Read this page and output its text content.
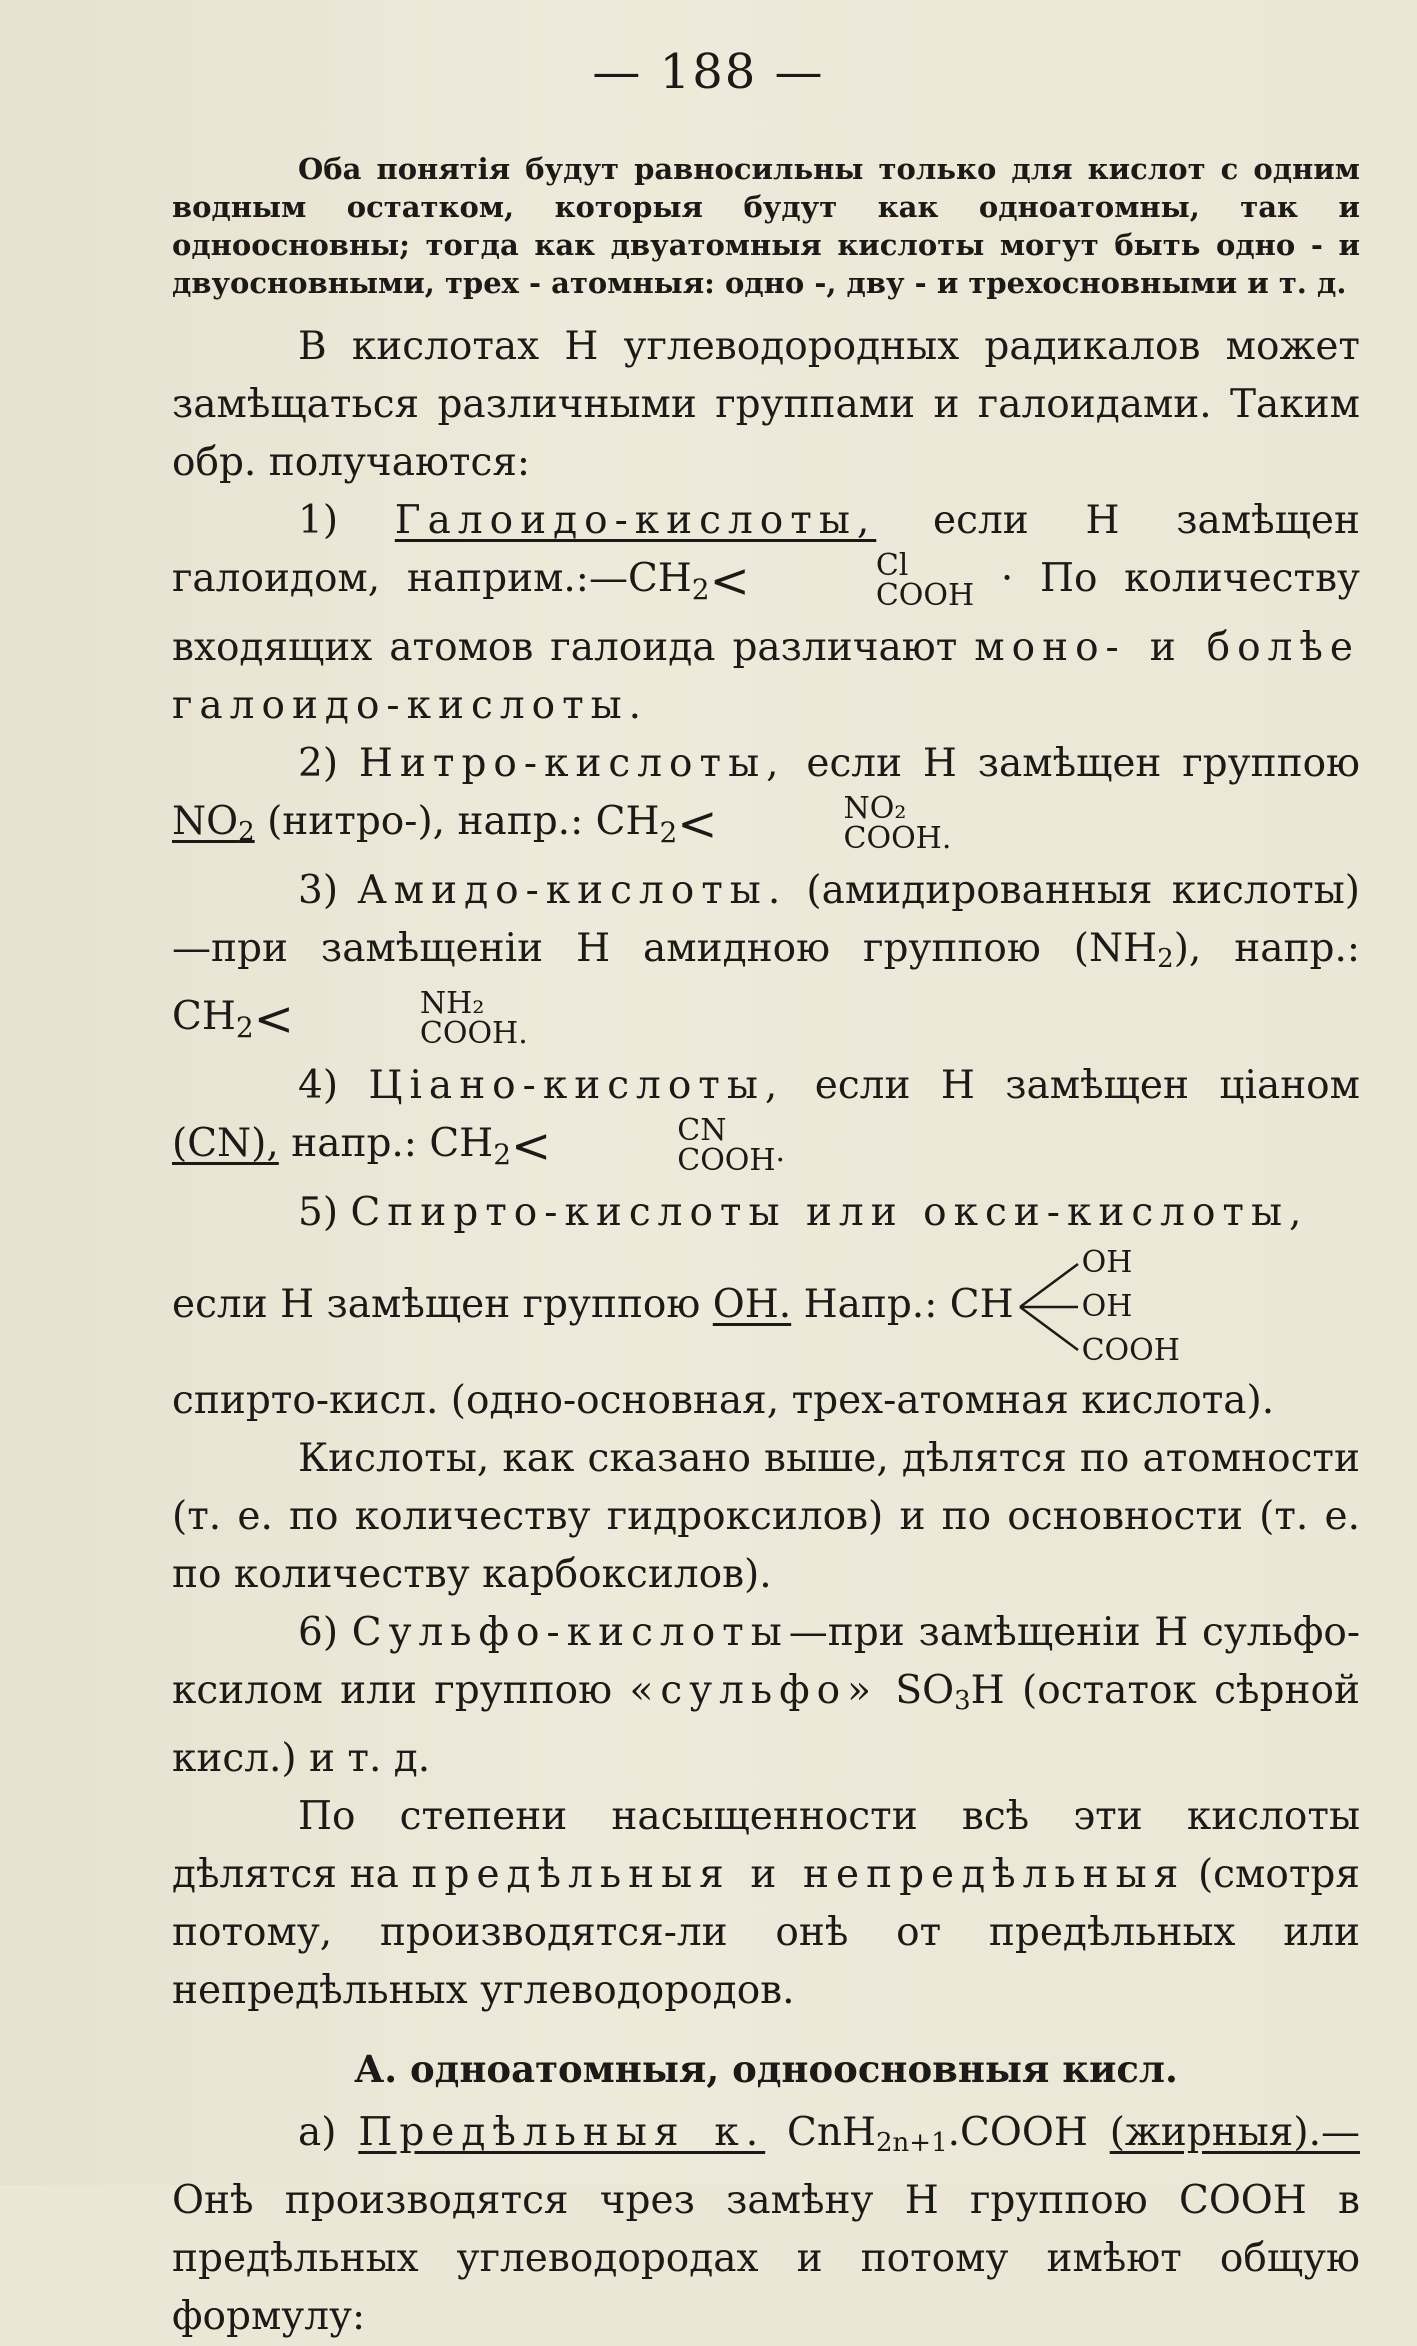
— 188 —

Оба понятія будут равносильны только для кислот с одним водным остатком, которыя будут как одноатомны, так и одноосновны; тогда как двуатомныя кислоты могут быть одно - и двуосновными, трех - атомныя: одно -, дву - и трехосновными и т. д.

В кислотах Н углеводородных радикалов может замѣщаться различными группами и галоидами. Таким обр. получаются:

1) Галоидо-кислоты, если Н замѣщен галоидом, $наприм.:—CH_2<$	Cl
COOH · По количеству входящих атомов галоида различают моно- и болѣе галоидо-кислоты.

2) Нитро-кислоты, если Н замѣщен группою $NO_2$ (нитро-), напр.: $CH_2<$	NO₂
COOH.

3) Амидо-кислоты. (амидированныя кислоты)—при замѣщеніи Н амидною группою $(NH_2)$, напр.: $CH_2<$	NH₂
COOH.

4) Ціано-кислоты, если Н замѣщен ціаном (CN), напр.: $CH_2<$	CN
COOH·

5) Спирто-кислоты или окси-кислоты,

если Н замѣщен группою OH. Напр.: CH
OH
OH
COOH

спирто-кисл. (одно-основная, трех-атомная кислота).

Кислоты, как сказано выше, дѣлятся по атомности (т. е. по количеству гидроксилов) и по основности (т. е. по количеству карбоксилов).

6) Сульфо-кислоты—при замѣщеніи Н сульфо-ксилом или группою «сульфо» $SO_3H$ (остаток сѣрной кисл.) и т. д.

По степени насыщенности всѣ эти кислоты дѣлятся на предѣльныя и непредѣльныя (смотря потому, производятся-ли онѣ от предѣльных или непредѣльных углеводородов.

А. одноатомныя, одноосновныя кисл.

а) Предѣльныя к. CnH$_{2n+1}$.COOH (жирныя).— Онѣ производятся чрез замѣну Н группою COOH в предѣльных углеводородах и потому имѣют общую формулу:
